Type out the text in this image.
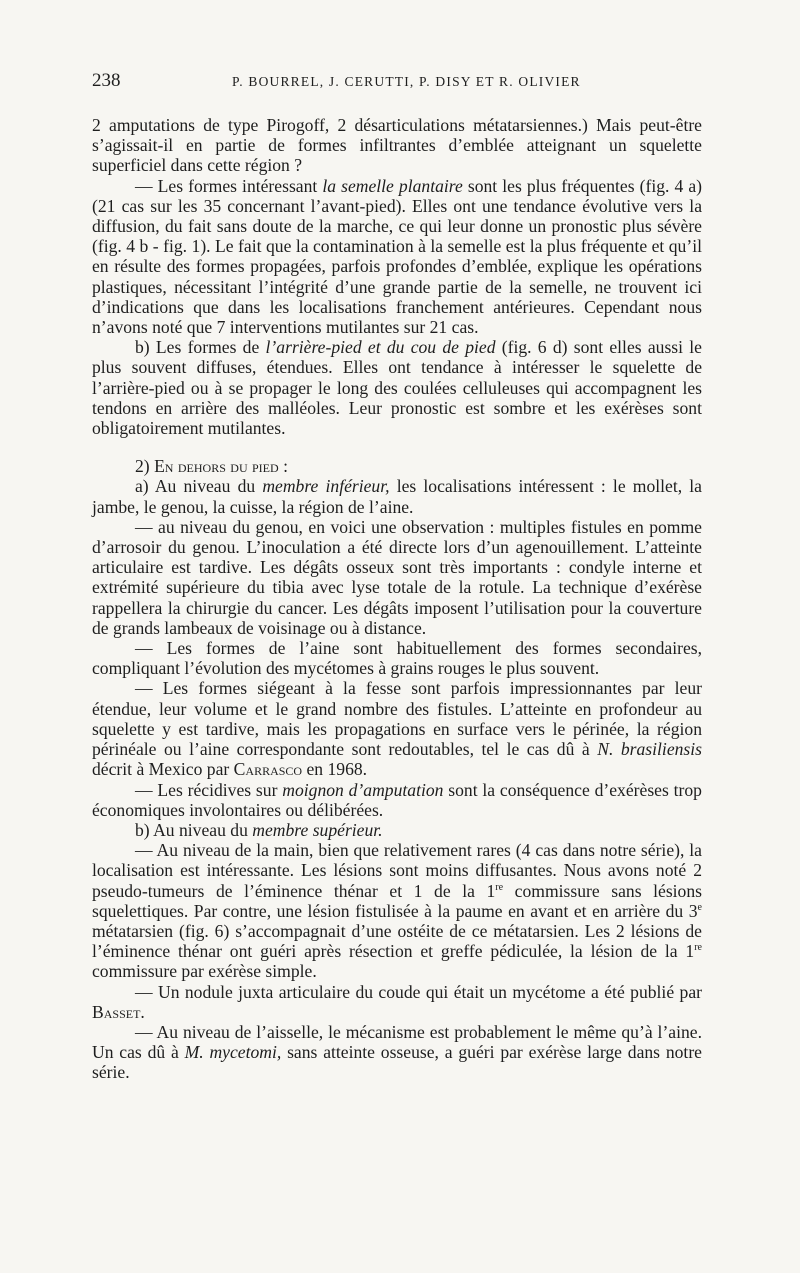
238	P. BOURREL, J. CERUTTI, P. DISY ET R. OLIVIER

2 amputations de type Pirogoff, 2 désarticulations métatarsiennes.) Mais peut-être s’agissait-il en partie de formes infiltrantes d’emblée atteignant un squelette superficiel dans cette région ?

— Les formes intéressant la semelle plantaire sont les plus fréquentes (fig. 4 a) (21 cas sur les 35 concernant l’avant-pied). Elles ont une tendance évolutive vers la diffusion, du fait sans doute de la marche, ce qui leur donne un pronostic plus sévère (fig. 4 b - fig. 1). Le fait que la contamination à la semelle est la plus fréquente et qu’il en résulte des formes propagées, parfois profondes d’emblée, explique les opérations plastiques, nécessitant l’intégrité d’une grande partie de la semelle, ne trouvent ici d’indications que dans les localisations franchement antérieures. Cependant nous n’avons noté que 7 interventions mutilantes sur 21 cas.

b) Les formes de l’arrière-pied et du cou de pied (fig. 6 d) sont elles aussi le plus souvent diffuses, étendues. Elles ont tendance à intéresser le squelette de l’arrière-pied ou à se propager le long des coulées celluleuses qui accompagnent les tendons en arrière des malléoles. Leur pronostic est sombre et les exérèses sont obligatoirement mutilantes.

2) En dehors du pied :

a) Au niveau du membre inférieur, les localisations intéressent : le mollet, la jambe, le genou, la cuisse, la région de l’aine.

— au niveau du genou, en voici une observation : multiples fistules en pomme d’arrosoir du genou. L’inoculation a été directe lors d’un agenouillement. L’atteinte articulaire est tardive. Les dégâts osseux sont très importants : condyle interne et extrémité supérieure du tibia avec lyse totale de la rotule. La technique d’exérèse rappellera la chirurgie du cancer. Les dégâts imposent l’utilisation pour la couverture de grands lambeaux de voisinage ou à distance.

— Les formes de l’aine sont habituellement des formes secondaires, compliquant l’évolution des mycétomes à grains rouges le plus souvent.

— Les formes siégeant à la fesse sont parfois impressionnantes par leur étendue, leur volume et le grand nombre des fistules. L’atteinte en profondeur au squelette y est tardive, mais les propagations en surface vers le périnée, la région périnéale ou l’aine correspondante sont redoutables, tel le cas dû à N. brasiliensis décrit à Mexico par Carrasco en 1968.

— Les récidives sur moignon d’amputation sont la conséquence d’exérèses trop économiques involontaires ou délibérées.

b) Au niveau du membre supérieur.

— Au niveau de la main, bien que relativement rares (4 cas dans notre série), la localisation est intéressante. Les lésions sont moins diffusantes. Nous avons noté 2 pseudo-tumeurs de l’éminence thénar et 1 de la 1re commissure sans lésions squelettiques. Par contre, une lésion fistulisée à la paume en avant et en arrière du 3e métatarsien (fig. 6) s’accompagnait d’une ostéite de ce métatarsien. Les 2 lésions de l’éminence thénar ont guéri après résection et greffe pédiculée, la lésion de la 1re commissure par exérèse simple.

— Un nodule juxta articulaire du coude qui était un mycétome a été publié par Basset.

— Au niveau de l’aisselle, le mécanisme est probablement le même qu’à l’aine. Un cas dû à M. mycetomi, sans atteinte osseuse, a guéri par exérèse large dans notre série.
